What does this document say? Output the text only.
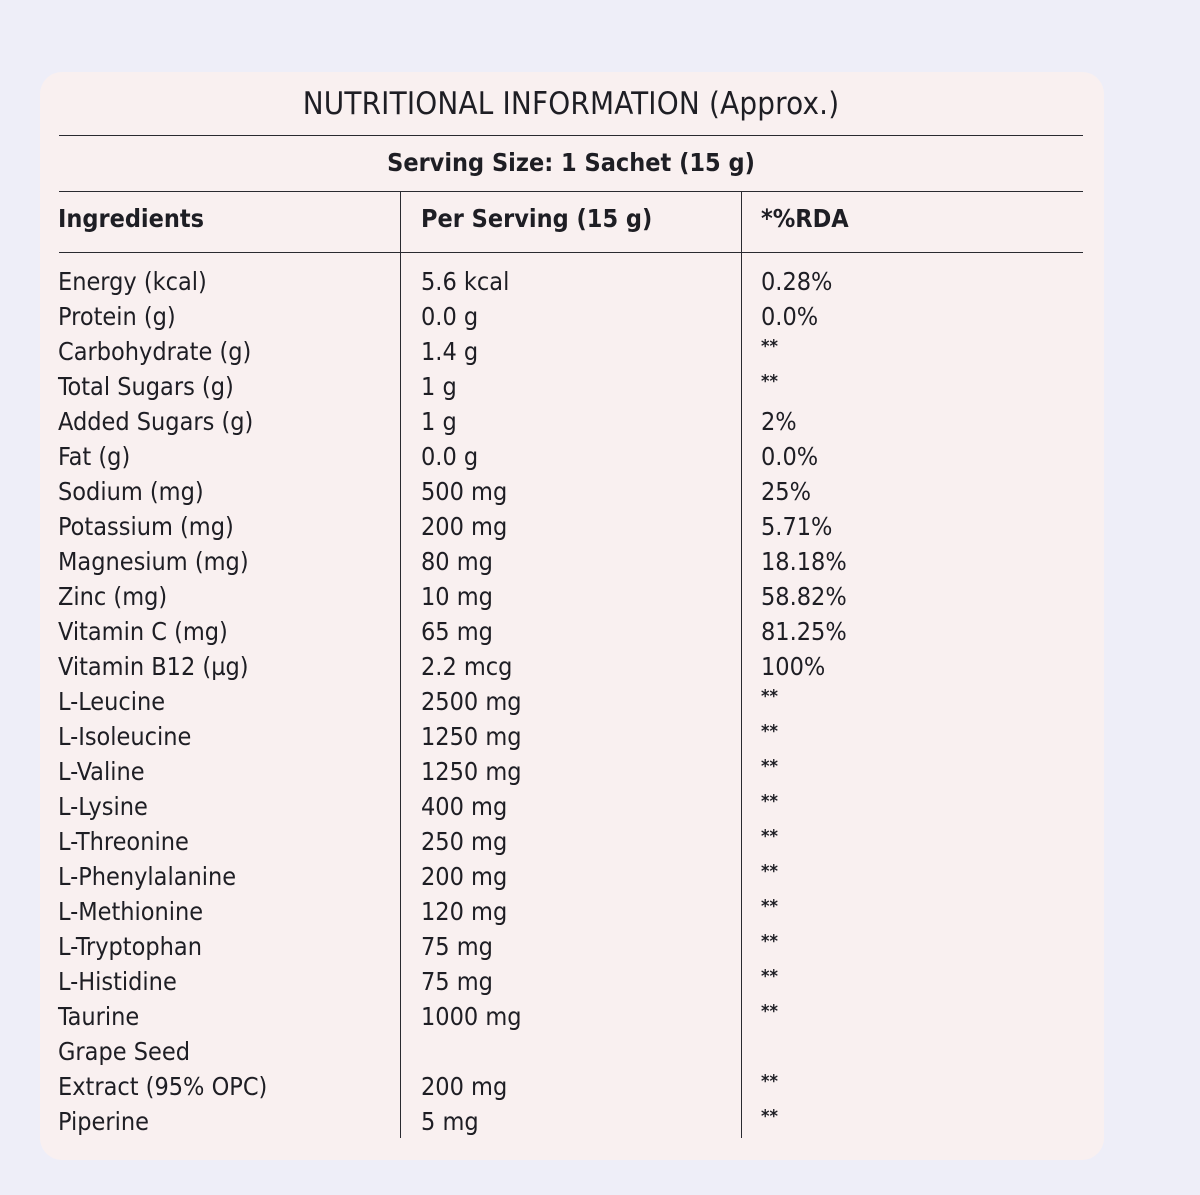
NUTRITIONAL INFORMATION (Approx.)
Serving Size: 1 Sachet (15 g)
Ingredients	Per Serving (15 g)	*%RDA
Energy (kcal)	5.6 kcal	0.28%
Protein (g)	0.0 g	0.0%
Carbohydrate (g)	1.4 g	**
Total Sugars (g)	1 g	**
Added Sugars (g)	1 g	2%
Fat (g)	0.0 g	0.0%
Sodium (mg)	500 mg	25%
Potassium (mg)	200 mg	5.71%
Magnesium (mg)	80 mg	18.18%
Zinc (mg)	10 mg	58.82%
Vitamin C (mg)	65 mg	81.25%
Vitamin B12 (µg)	2.2 mcg	100%
L-Leucine	2500 mg	**
L-Isoleucine	1250 mg	**
L-Valine	1250 mg	**
L-Lysine	400 mg	**
L-Threonine	250 mg	**
L-Phenylalanine	200 mg	**
L-Methionine	120 mg	**
L-Tryptophan	75 mg	**
L-Histidine	75 mg	**
Taurine	1000 mg	**
Grape Seed
Extract (95% OPC)	200 mg	**
Piperine	5 mg	**
